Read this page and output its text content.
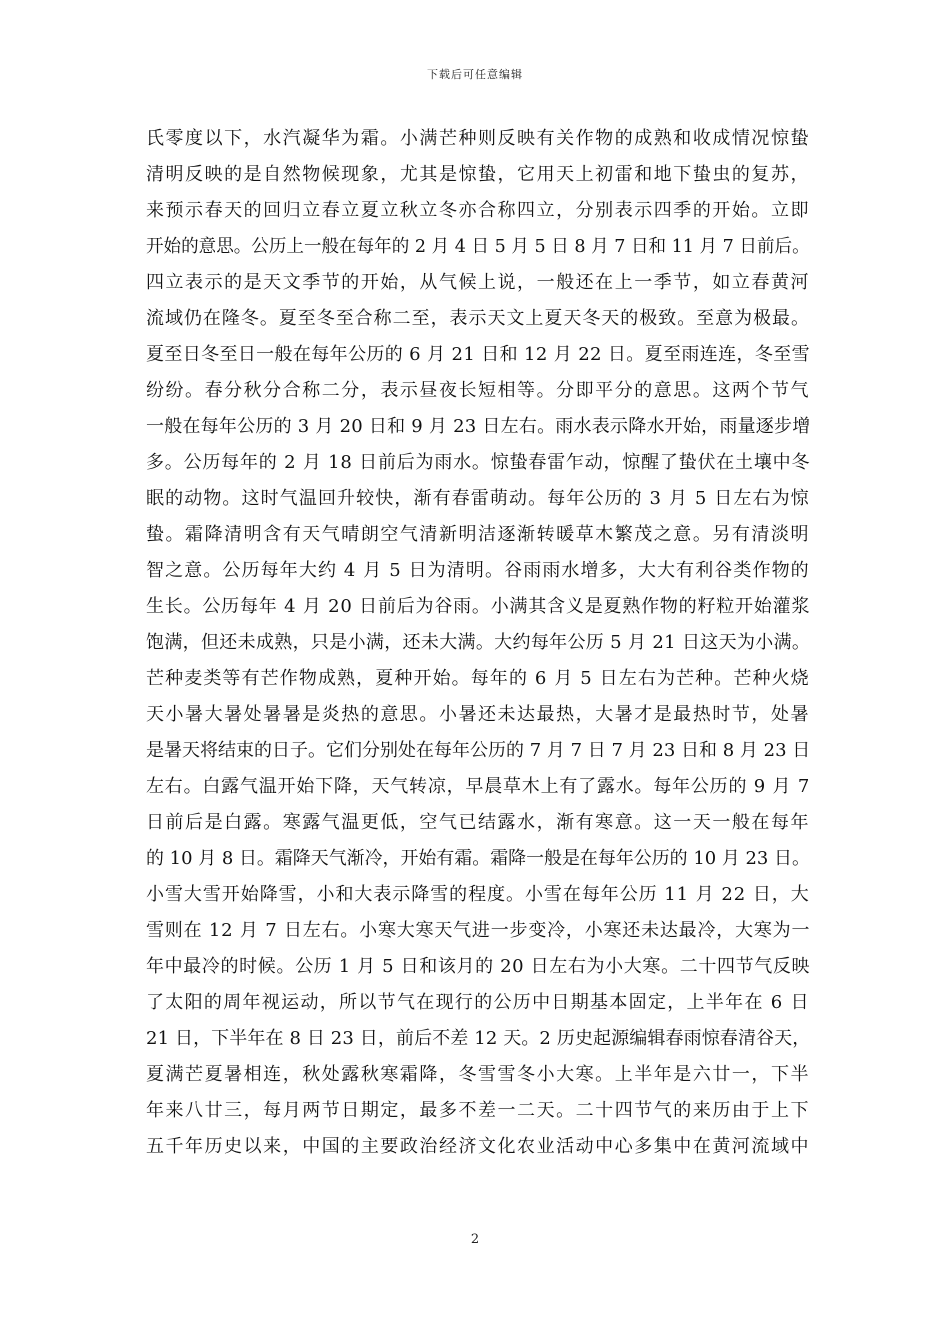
下载后可任意编辑
氏零度以下，水汽凝华为霜。小满芒种则反映有关作物的成熟和收成情况惊蛰
清明反映的是自然物候现象，尤其是惊蛰，它用天上初雷和地下蛰虫的复苏，
来预示春天的回归立春立夏立秋立冬亦合称四立，分别表示四季的开始。立即
开始的意思。公历上一般在每年的 2 月 4 日 5 月 5 日 8 月 7 日和 11 月 7 日前后。
四立表示的是天文季节的开始，从气候上说，一般还在上一季节，如立春黄河
流域仍在隆冬。夏至冬至合称二至，表示天文上夏天冬天的极致。至意为极最。
夏至日冬至日一般在每年公历的 6 月 21 日和 12 月 22 日。夏至雨连连，冬至雪
纷纷。春分秋分合称二分，表示昼夜长短相等。分即平分的意思。这两个节气
一般在每年公历的 3 月 20 日和 9 月 23 日左右。雨水表示降水开始，雨量逐步增
多。公历每年的 2 月 18 日前后为雨水。惊蛰春雷乍动，惊醒了蛰伏在土壤中冬
眠的动物。这时气温回升较快，渐有春雷萌动。每年公历的 3 月 5 日左右为惊
蛰。霜降清明含有天气晴朗空气清新明洁逐渐转暖草木繁茂之意。另有清淡明
智之意。公历每年大约 4 月 5 日为清明。谷雨雨水增多，大大有利谷类作物的
生长。公历每年 4 月 20 日前后为谷雨。小满其含义是夏熟作物的籽粒开始灌浆
饱满，但还未成熟，只是小满，还未大满。大约每年公历 5 月 21 日这天为小满。
芒种麦类等有芒作物成熟，夏种开始。每年的 6 月 5 日左右为芒种。芒种火烧
天小暑大暑处暑暑是炎热的意思。小暑还未达最热，大暑才是最热时节，处暑
是暑天将结束的日子。它们分别处在每年公历的 7 月 7 日 7 月 23 日和 8 月 23 日
左右。白露气温开始下降，天气转凉，早晨草木上有了露水。每年公历的 9 月 7
日前后是白露。寒露气温更低，空气已结露水，渐有寒意。这一天一般在每年
的 10 月 8 日。霜降天气渐冷，开始有霜。霜降一般是在每年公历的 10 月 23 日。
小雪大雪开始降雪，小和大表示降雪的程度。小雪在每年公历 11 月 22 日，大
雪则在 12 月 7 日左右。小寒大寒天气进一步变冷，小寒还未达最冷，大寒为一
年中最冷的时候。公历 1 月 5 日和该月的 20 日左右为小大寒。二十四节气反映
了太阳的周年视运动，所以节气在现行的公历中日期基本固定，上半年在 6 日
21 日，下半年在 8 日 23 日，前后不差 12 天。2 历史起源编辑春雨惊春清谷天，
夏满芒夏暑相连，秋处露秋寒霜降，冬雪雪冬小大寒。上半年是六廿一，下半
年来八廿三，每月两节日期定，最多不差一二天。二十四节气的来历由于上下
五千年历史以来，中国的主要政治经济文化农业活动中心多集中在黄河流域中
2
